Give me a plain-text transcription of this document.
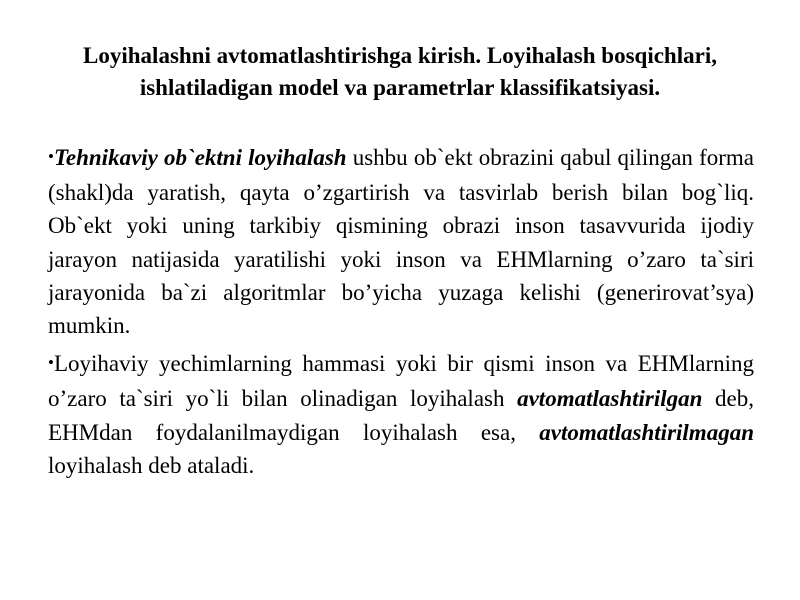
Loyihalashni avtomatlashtirishga kirish. Loyihalash bosqichlari, ishlatiladigan model va parametrlar klassifikatsiyasi.

•Tehnikaviy ob`ektni loyihalash ushbu ob`ekt obrazini qabul qilingan forma (shakl)da yaratish, qayta o’zgartirish va tasvirlab berish bilan bog`liq. Ob`ekt yoki uning tarkibiy qismining obrazi inson tasavvurida ijodiy jarayon natijasida yaratilishi yoki inson va EHMlarning o’zaro ta`siri jarayonida ba`zi algoritmlar bo’yicha yuzaga kelishi (generirovat’sya) mumkin.

•Loyihaviy yechimlarning hammasi yoki bir qismi inson va EHMlarning o’zaro ta`siri yo`li bilan olinadigan loyihalash avtomatlashtirilgan deb, EHMdan foydalanilmaydigan loyihalash esa, avtomatlashtirilmagan loyihalash deb ataladi.
